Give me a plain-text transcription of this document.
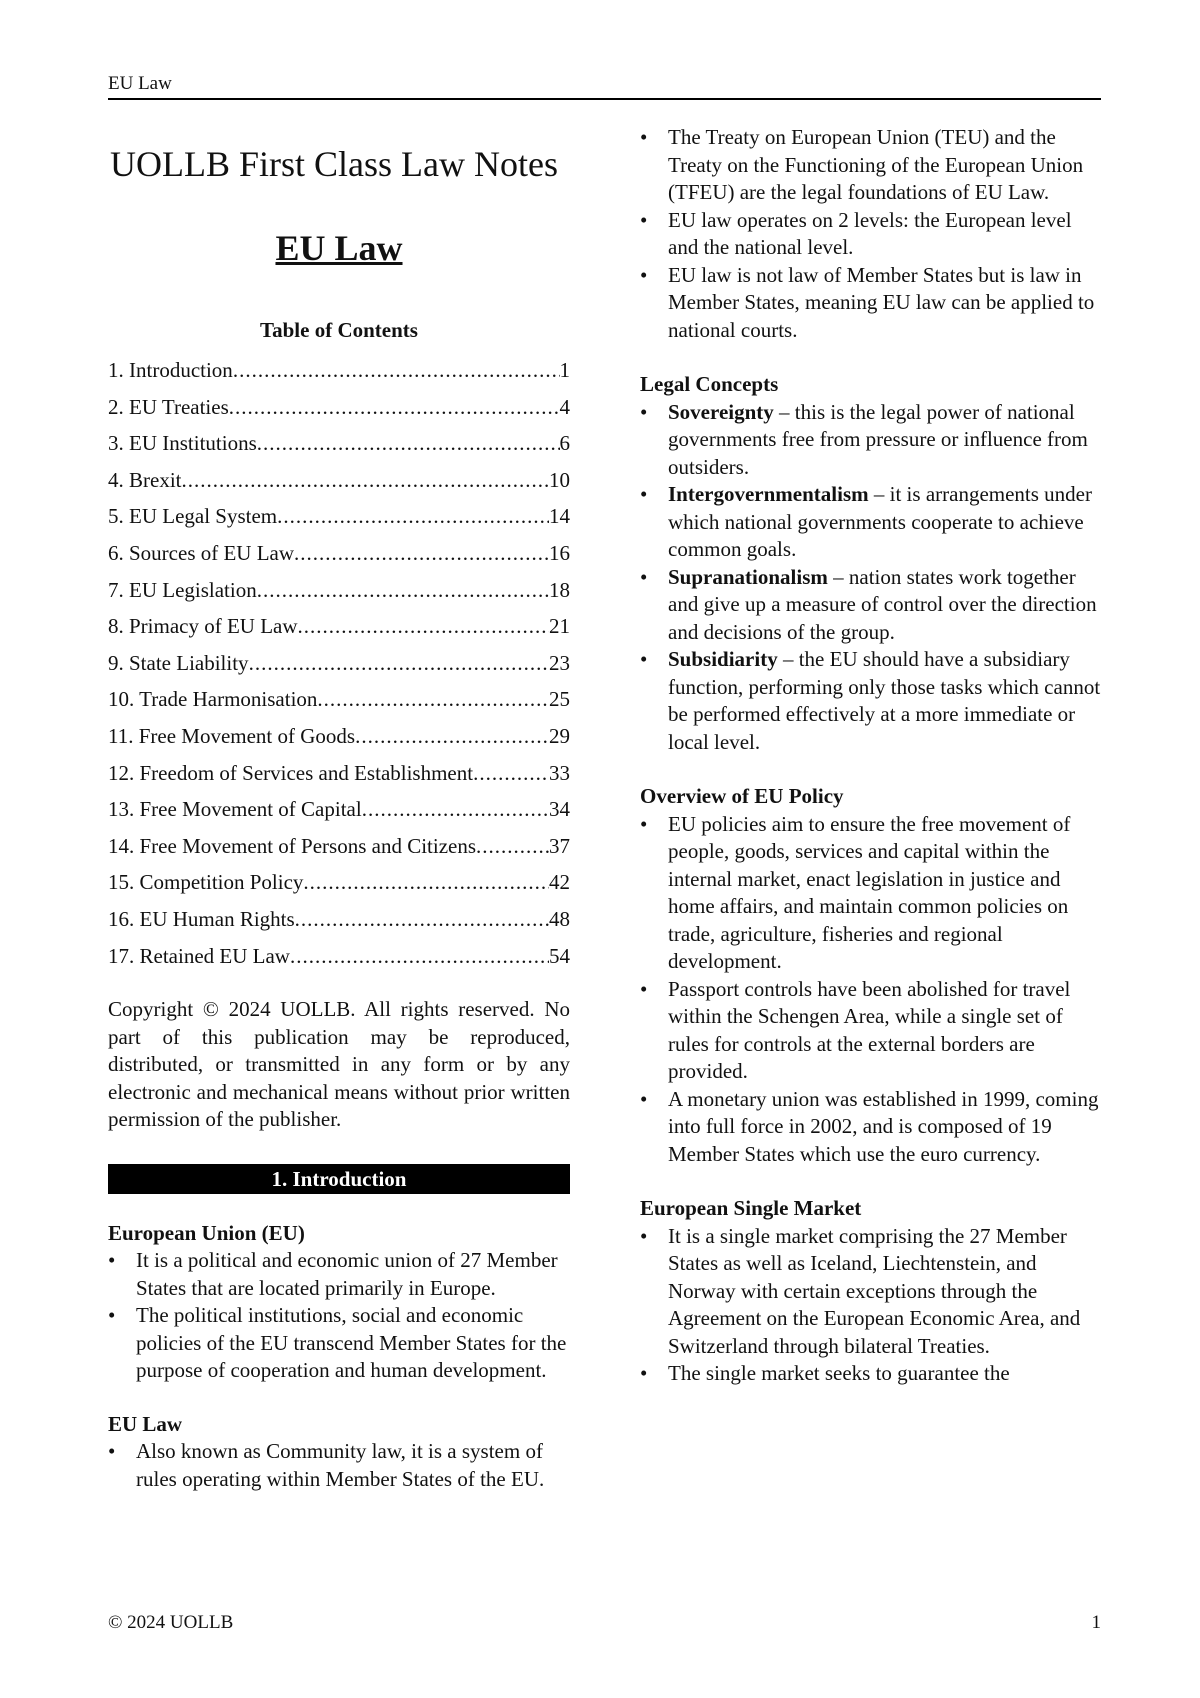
EU Law
UOLLB First Class Law Notes
EU Law
Table of Contents
1. Introduction .....	1
2. EU Treaties .....	4
3. EU Institutions .....	6
4. Brexit .....	10
5. EU Legal System .....	14
6. Sources of EU Law .....	16
7. EU Legislation .....	18
8. Primacy of EU Law .....	21
9. State Liability .....	23
10. Trade Harmonisation .....	25
11. Free Movement of Goods .....	29
12. Freedom of Services and Establishment .....	33
13. Free Movement of Capital .....	34
14. Free Movement of Persons and Citizens .....	37
15. Competition Policy .....	42
16. EU Human Rights .....	48
17. Retained EU Law .....	54

Copyright © 2024 UOLLB. All rights reserved. No part of this publication may be reproduced, distributed, or transmitted in any form or by any electronic and mechanical means without prior written permission of the publisher.

1. Introduction

European Union (EU)

• It is a political and economic union of 27 Member States that are located primarily in Europe.
• The political institutions, social and economic policies of the EU transcend Member States for the purpose of cooperation and human development.

EU Law

• Also known as Community law, it is a system of rules operating within Member States of the EU.
• The Treaty on European Union (TEU) and the Treaty on the Functioning of the European Union (TFEU) are the legal foundations of EU Law.
• EU law operates on 2 levels: the European level and the national level.
• EU law is not law of Member States but is law in Member States, meaning EU law can be applied to national courts.

Legal Concepts

• Sovereignty – this is the legal power of national governments free from pressure or influence from outsiders.
• Intergovernmentalism – it is arrangements under which national governments cooperate to achieve common goals.
• Supranationalism – nation states work together and give up a measure of control over the direction and decisions of the group.
• Subsidiarity – the EU should have a subsidiary function, performing only those tasks which cannot be performed effectively at a more immediate or local level.

Overview of EU Policy

• EU policies aim to ensure the free movement of people, goods, services and capital within the internal market, enact legislation in justice and home affairs, and maintain common policies on trade, agriculture, fisheries and regional development.
• Passport controls have been abolished for travel within the Schengen Area, while a single set of rules for controls at the external borders are provided.
• A monetary union was established in 1999, coming into full force in 2002, and is composed of 19 Member States which use the euro currency.

European Single Market

• It is a single market comprising the 27 Member States as well as Iceland, Liechtenstein, and Norway with certain exceptions through the Agreement on the European Economic Area, and Switzerland through bilateral Treaties.
• The single market seeks to guarantee the
© 2024 UOLLB	1
